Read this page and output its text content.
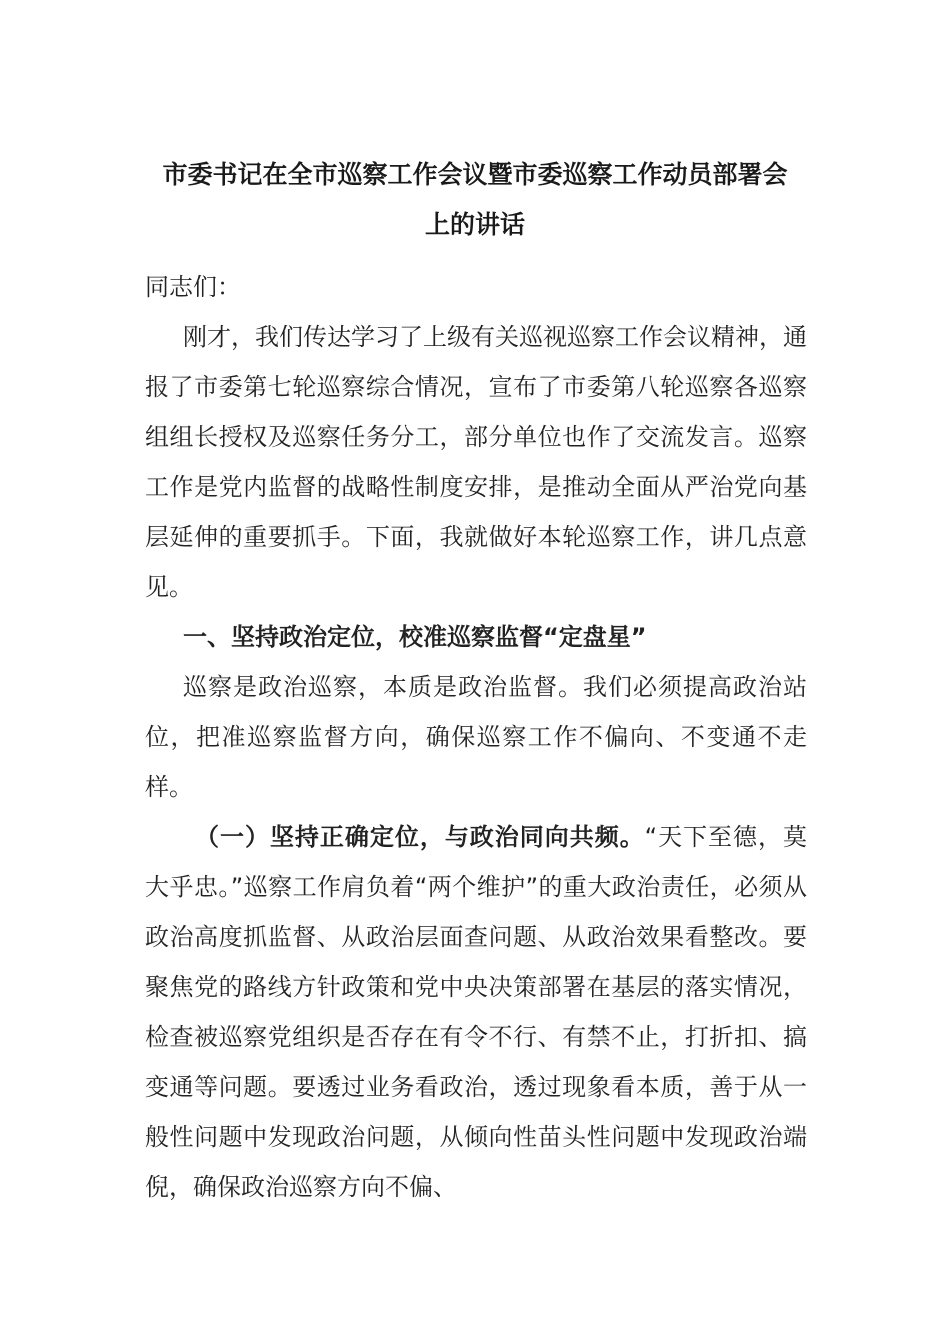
市委书记在全市巡察工作会议暨市委巡察工作动员部署会
上的讲话

同志们：

刚才，我们传达学习了上级有关巡视巡察工作会议精神，通报了市委第七轮巡察综合情况，宣布了市委第八轮巡察各巡察组组长授权及巡察任务分工，部分单位也作了交流发言。巡察工作是党内监督的战略性制度安排，是推动全面从严治党向基层延伸的重要抓手。下面，我就做好本轮巡察工作，讲几点意见。

一、坚持政治定位，校准巡察监督“定盘星”

巡察是政治巡察，本质是政治监督。我们必须提高政治站位，把准巡察监督方向，确保巡察工作不偏向、不变通不走样。

（一）坚持正确定位，与政治同向共频。“天下至德，莫大乎忠。”巡察工作肩负着“两个维护”的重大政治责任，必须从政治高度抓监督、从政治层面查问题、从政治效果看整改。要聚焦党的路线方针政策和党中央决策部署在基层的落实情况，检查被巡察党组织是否存在有令不行、有禁不止，打折扣、搞变通等问题。要透过业务看政治，透过现象看本质，善于从一般性问题中发现政治问题，从倾向性苗头性问题中发现政治端倪，确保政治巡察方向不偏、
